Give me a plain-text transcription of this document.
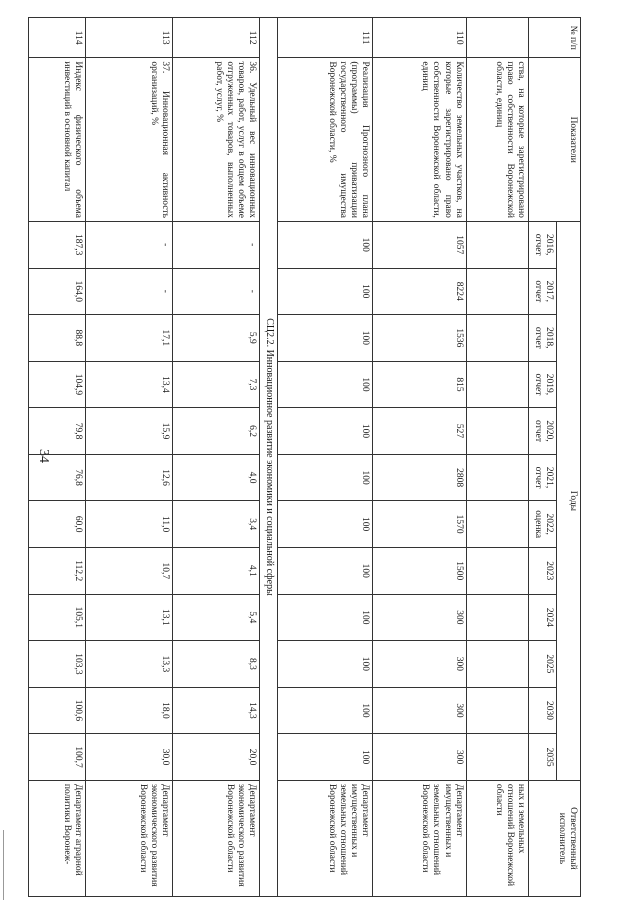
34
№ п/п	Показатели	Годы												Ответственный исполнитель
		2016, отчет	2017, отчет	2018, отчет	2019, отчет	2020, отчет	2021, отчет	2022, оценка	2023	2024	2025	2030	2035	
	ства, на которые зарегистрировано право собственности Воронежской области, единиц													ных и земельных отношений Воронежской области
110	Количество земельных участков, на которые зарегистрировано право собственности Воронежской области, единиц	1057	8224	1536	815	527	2808	1570	1500	300	300	300	300	Департамент имущественных и земельных отношений Воронежской области
111	Реализация Прогнозного плана (программы) приватизации государственного имущества Воронежской области, %	100	100	100	100	100	100	100	100	100	100	100	100	Департамент имущественных и земельных отношений Воронежской области
СЦ2.2. Инновационное развитие экономики и социальной сферы														
112	36. Удельный вес инновационных товаров, работ, услуг в общем объеме отгруженных товаров, выполненных работ, услуг, %	-	-	5,9	7,3	6,2	4,0	3,4	4,1	5,4	8,3	14,3	20,0	Департамент экономического развития Воронежской области
113	37. Инновационная активность организаций, %	-	-	17,1	13,4	15,9	12,6	11,0	10,7	13,1	13,3	18,0	30,0	Департамент экономического развития Воронежской области
114	Индекс физического объема инвестиций в основной капитал	187,3	164,0	88,8	104,9	79,8	76,8	60,0	112,2	105,1	103,3	100,6	100,7	Департамент аграрной политики Воронеж-
